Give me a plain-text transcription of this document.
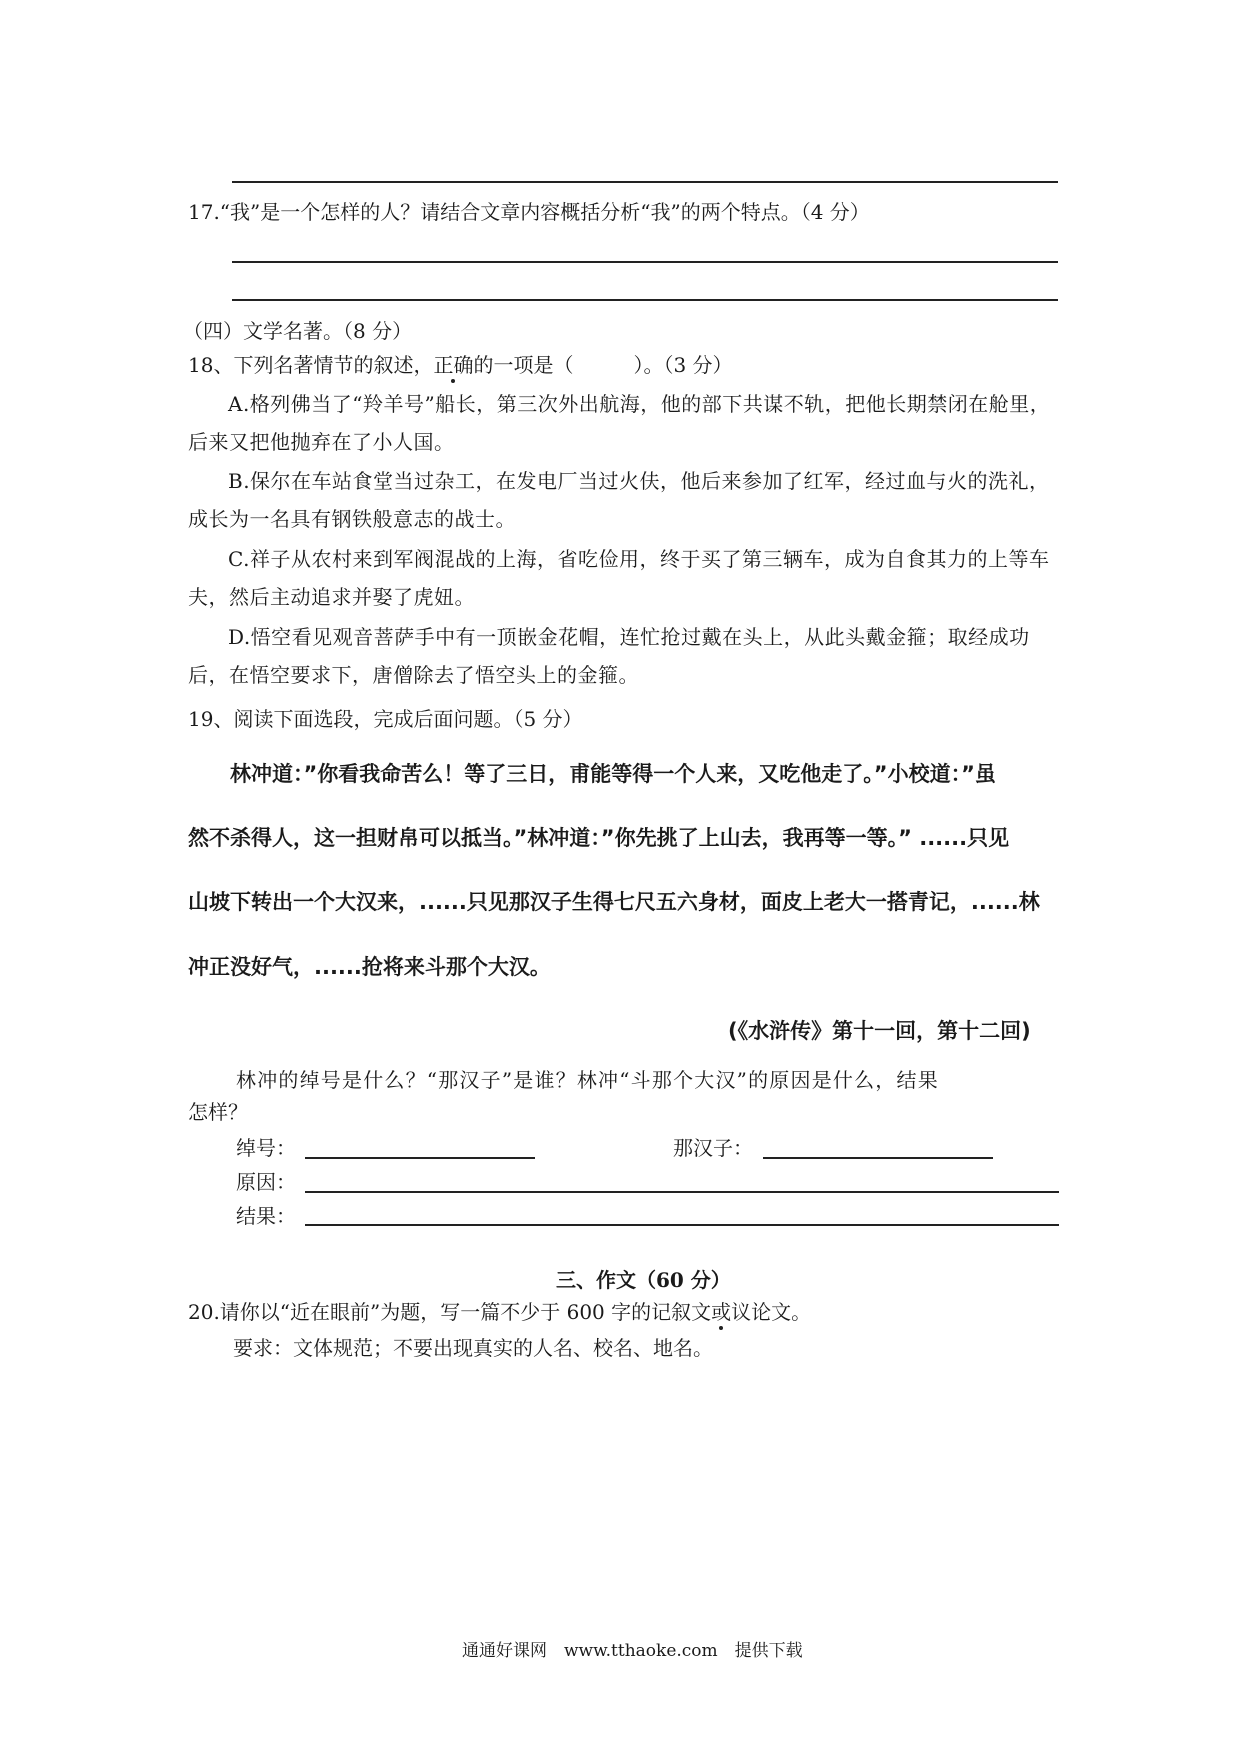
17.“我”是一个怎样的人？请结合文章内容概括分析“我”的两个特点。（4 分）
（四）文学名著。（8 分）
18、下列名著情节的叙述，正确的一项是（　　　）。（3 分）
A.格列佛当了“羚羊号”船长，第三次外出航海，他的部下共谋不轨，把他长期禁闭在舱里，后来又把他抛弃在了小人国。
B.保尔在车站食堂当过杂工，在发电厂当过火伕，他后来参加了红军，经过血与火的洗礼，成长为一名具有钢铁般意志的战士。
C.祥子从农村来到军阀混战的上海，省吃俭用，终于买了第三辆车，成为自食其力的上等车夫，然后主动追求并娶了虎妞。
D.悟空看见观音菩萨手中有一顶嵌金花帽，连忙抢过戴在头上，从此头戴金箍；取经成功后，在悟空要求下，唐僧除去了悟空头上的金箍。
19、阅读下面选段，完成后面问题。（5 分）
林冲道：”你看我命苦么！等了三日，甫能等得一个人来，又吃他走了。”小校道：”虽
然不杀得人，这一担财帛可以抵当。”林冲道：”你先挑了上山去，我再等一等。” ......只见
山坡下转出一个大汉来，......只见那汉子生得七尺五六身材，面皮上老大一搭青记，......林
冲正没好气，......抢将来斗那个大汉。
(《水浒传》第十一回，第十二回)
林冲的绰号是什么？“那汉子”是谁？林冲“斗那个大汉”的原因是什么，结果
怎样？
绰号：	那汉子：
原因：
结果：
三、作文（60 分）
20.请你以“近在眼前”为题，写一篇不少于 600 字的记叙文或议论文。
要求：文体规范；不要出现真实的人名、校名、地名。
通通好课网　www.tthaoke.com　提供下载
